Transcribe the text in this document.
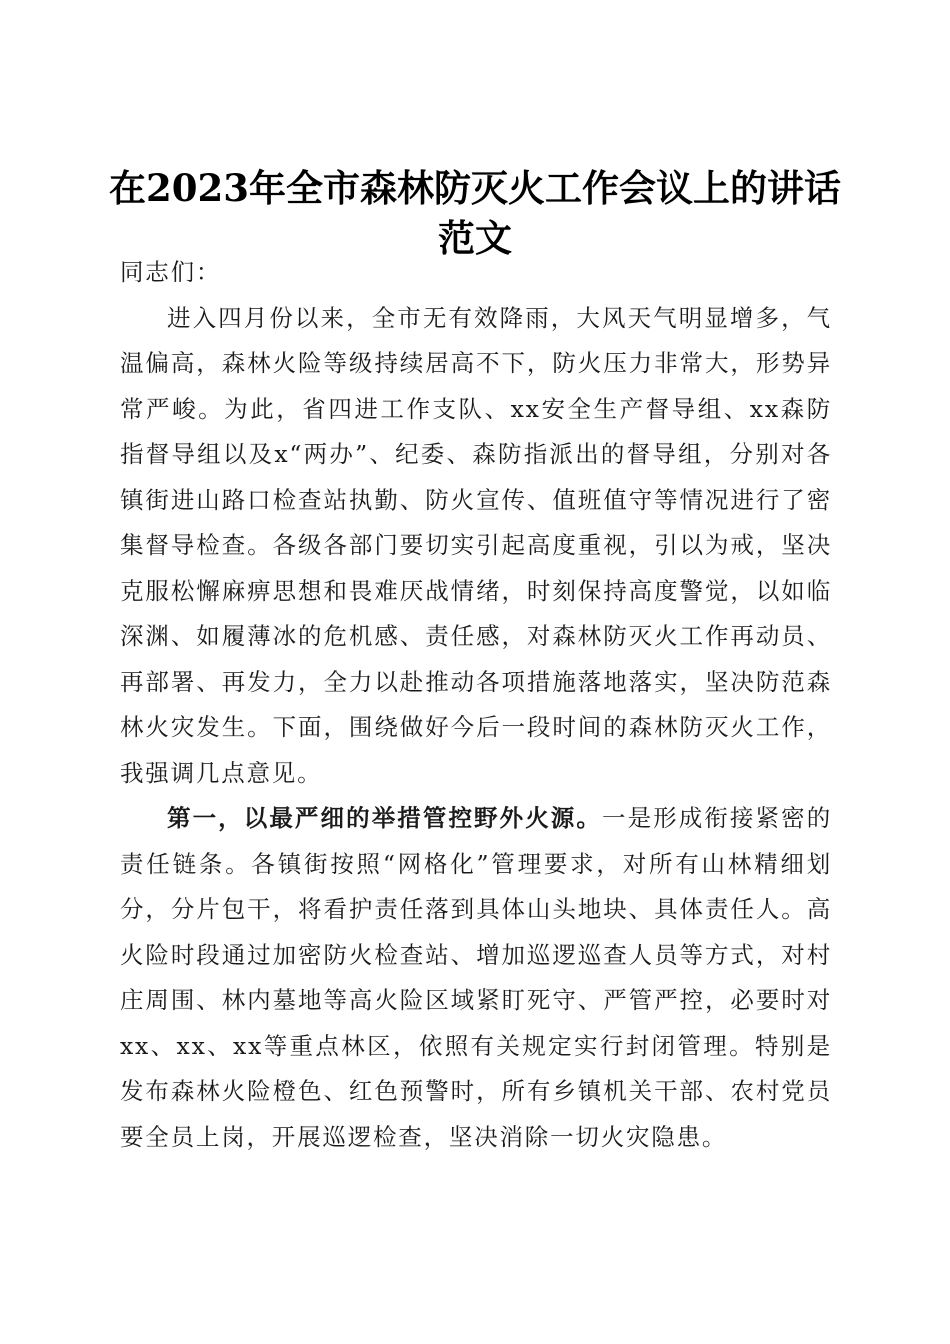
在2023年全市森林防灭火工作会议上的讲话
范文

同志们：

进入四月份以来，全市无有效降雨，大风天气明显增多，气温偏高，森林火险等级持续居高不下，防火压力非常大，形势异常严峻。为此，省四进工作支队、xx安全生产督导组、xx森防指督导组以及x“两办”、纪委、森防指派出的督导组，分别对各镇街进山路口检查站执勤、防火宣传、值班值守等情况进行了密集督导检查。各级各部门要切实引起高度重视，引以为戒，坚决克服松懈麻痹思想和畏难厌战情绪，时刻保持高度警觉，以如临深渊、如履薄冰的危机感、责任感，对森林防灭火工作再动员、再部署、再发力，全力以赴推动各项措施落地落实，坚决防范森林火灾发生。下面，围绕做好今后一段时间的森林防灭火工作，我强调几点意见。

第一，以最严细的举措管控野外火源。一是形成衔接紧密的责任链条。各镇街按照“网格化”管理要求，对所有山林精细划分，分片包干，将看护责任落到具体山头地块、具体责任人。高火险时段通过加密防火检查站、增加巡逻巡查人员等方式，对村庄周围、林内墓地等高火险区域紧盯死守、严管严控，必要时对xx、xx、xx等重点林区，依照有关规定实行封闭管理。特别是发布森林火险橙色、红色预警时，所有乡镇机关干部、农村党员要全员上岗，开展巡逻检查，坚决消除一切火灾隐患。
